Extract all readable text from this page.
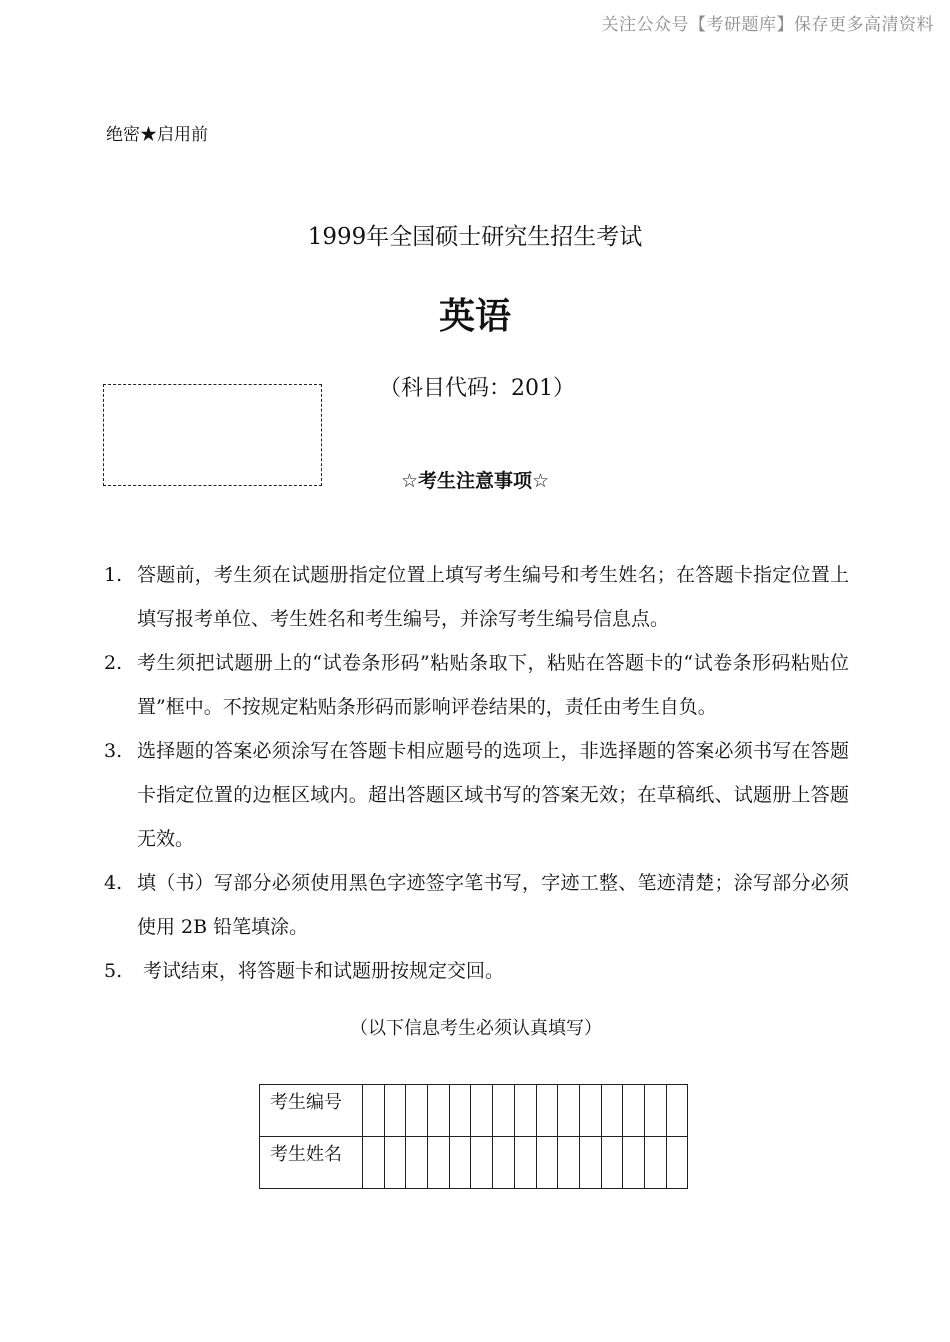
关注公众号【考研题库】保存更多高清资料
绝密★启用前
1999年全国硕士研究生招生考试
英语
（科目代码：201）
☆考生注意事项☆
1. 答题前，考生须在试题册指定位置上填写考生编号和考生姓名；在答题卡指定位置上填写报考单位、考生姓名和考生编号，并涂写考生编号信息点。
2. 考生须把试题册上的“试卷条形码”粘贴条取下，粘贴在答题卡的“试卷条形码粘贴位置”框中。不按规定粘贴条形码而影响评卷结果的，责任由考生自负。
3. 选择题的答案必须涂写在答题卡相应题号的选项上，非选择题的答案必须书写在答题卡指定位置的边框区域内。超出答题区域书写的答案无效；在草稿纸、试题册上答题无效。
4. 填（书）写部分必须使用黑色字迹签字笔书写，字迹工整、笔迹清楚；涂写部分必须使用 2B 铅笔填涂。
5. 考试结束，将答题卡和试题册按规定交回。
（以下信息考生必须认真填写）
考生编号															
考生姓名															
